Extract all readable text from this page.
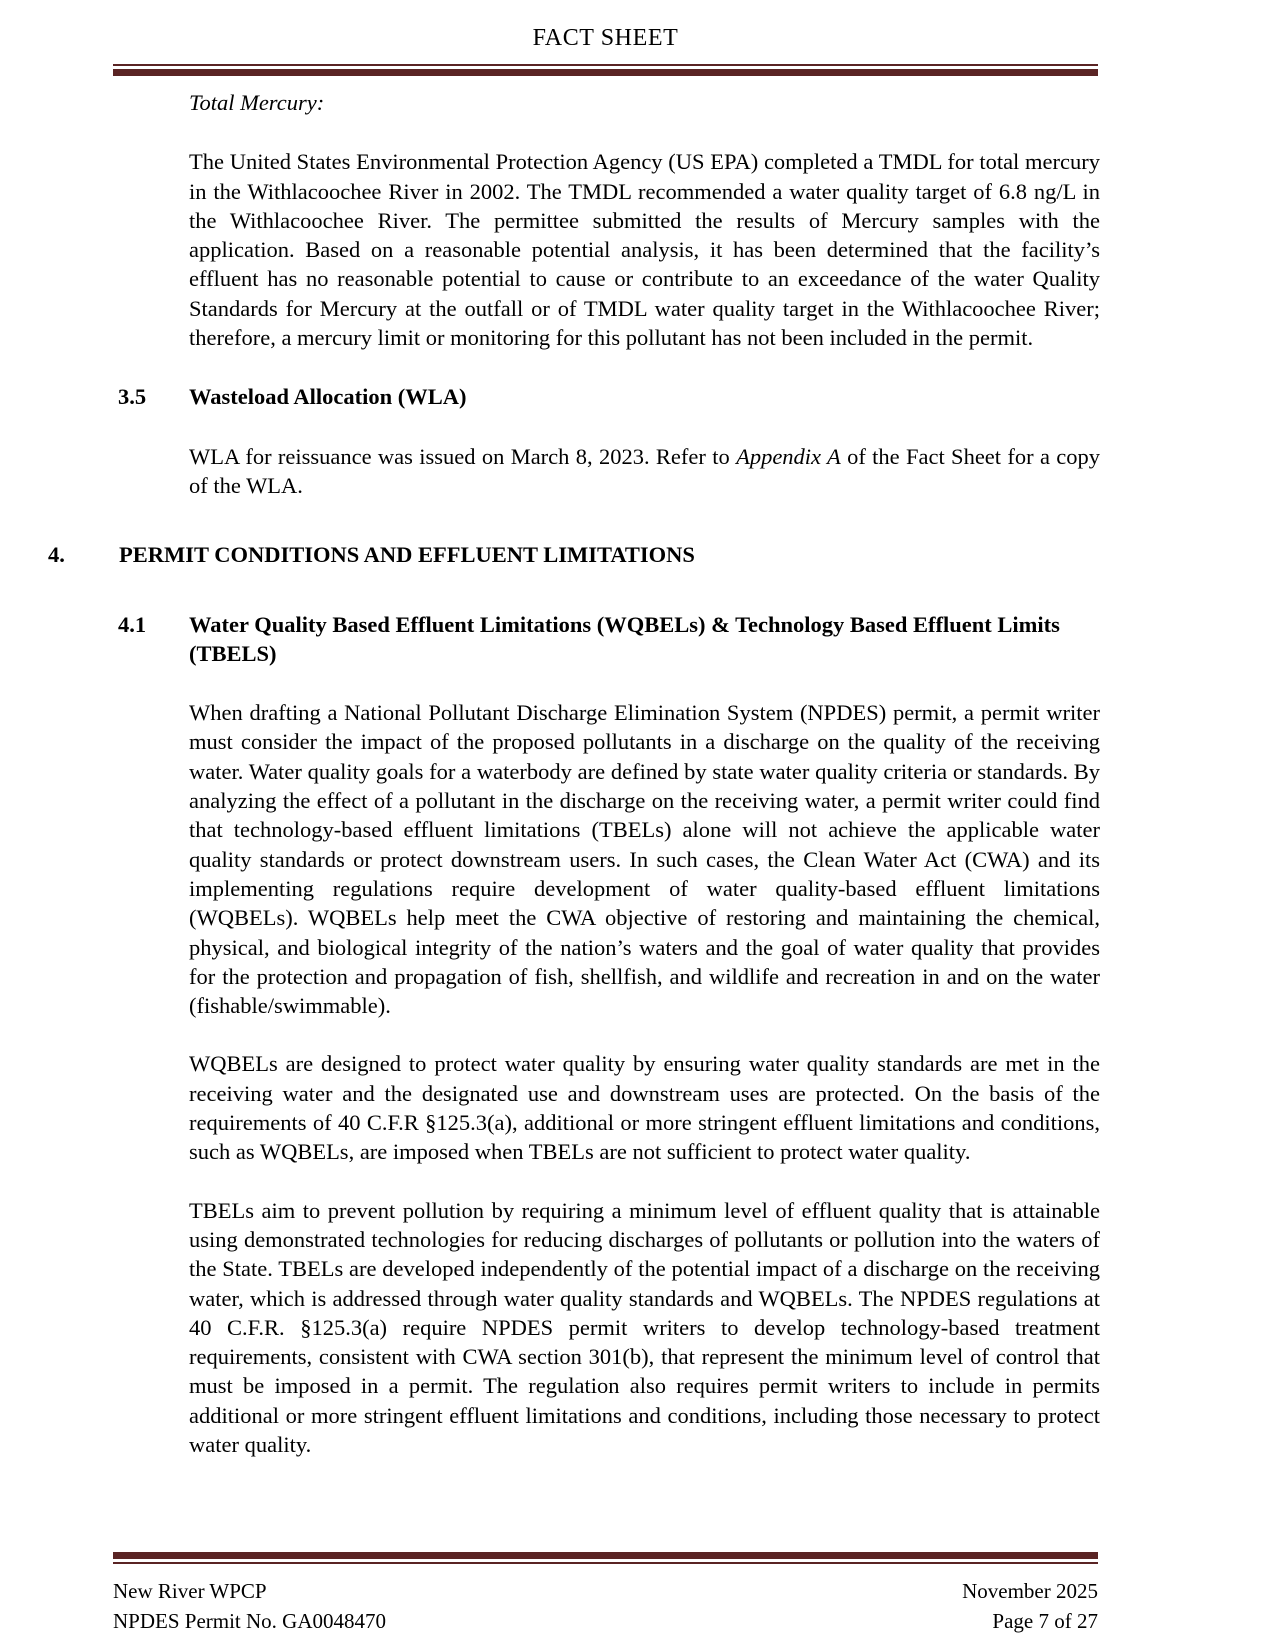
FACT SHEET
Total Mercury:

The United States Environmental Protection Agency (US EPA) completed a TMDL for total mercury in the Withlacoochee River in 2002. The TMDL recommended a water quality target of 6.8 ng/L in the Withlacoochee River. The permittee submitted the results of Mercury samples with the application. Based on a reasonable potential analysis, it has been determined that the facility’s effluent has no reasonable potential to cause or contribute to an exceedance of the water Quality Standards for Mercury at the outfall or of TMDL water quality target in the Withlacoochee River; therefore, a mercury limit or monitoring for this pollutant has not been included in the permit.

3.5	Wasteload Allocation (WLA)

WLA for reissuance was issued on March 8, 2023. Refer to Appendix A of the Fact Sheet for a copy of the WLA.

4.	PERMIT CONDITIONS AND EFFLUENT LIMITATIONS
4.1	Water Quality Based Effluent Limitations (WQBELs) & Technology Based Effluent Limits (TBELS)

When drafting a National Pollutant Discharge Elimination System (NPDES) permit, a permit writer must consider the impact of the proposed pollutants in a discharge on the quality of the receiving water. Water quality goals for a waterbody are defined by state water quality criteria or standards. By analyzing the effect of a pollutant in the discharge on the receiving water, a permit writer could find that technology-based effluent limitations (TBELs) alone will not achieve the applicable water quality standards or protect downstream users. In such cases, the Clean Water Act (CWA) and its implementing regulations require development of water quality-based effluent limitations (WQBELs). WQBELs help meet the CWA objective of restoring and maintaining the chemical, physical, and biological integrity of the nation’s waters and the goal of water quality that provides for the protection and propagation of fish, shellfish, and wildlife and recreation in and on the water (fishable/swimmable).

WQBELs are designed to protect water quality by ensuring water quality standards are met in the receiving water and the designated use and downstream uses are protected. On the basis of the requirements of 40 C.F.R §125.3(a), additional or more stringent effluent limitations and conditions, such as WQBELs, are imposed when TBELs are not sufficient to protect water quality.

TBELs aim to prevent pollution by requiring a minimum level of effluent quality that is attainable using demonstrated technologies for reducing discharges of pollutants or pollution into the waters of the State. TBELs are developed independently of the potential impact of a discharge on the receiving water, which is addressed through water quality standards and WQBELs. The NPDES regulations at 40 C.F.R. §125.3(a) require NPDES permit writers to develop technology-based treatment requirements, consistent with CWA section 301(b), that represent the minimum level of control that must be imposed in a permit. The regulation also requires permit writers to include in permits additional or more stringent effluent limitations and conditions, including those necessary to protect water quality.

New River WPCP	November 2025
NPDES Permit No. GA0048470	Page 7 of 27
